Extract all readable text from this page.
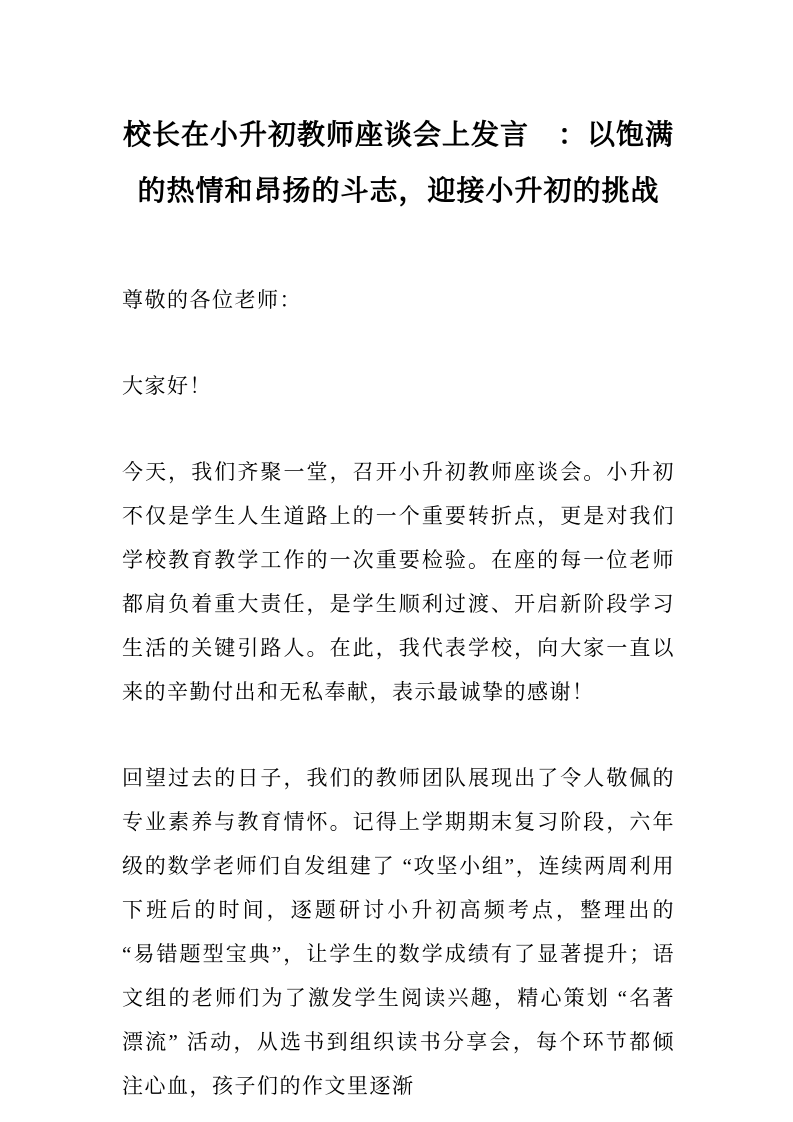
校长在小升初教师座谈会上发言　：以饱满的热情和昂扬的斗志，迎接小升初的挑战

尊敬的各位老师：

大家好！

今天，我们齐聚一堂，召开小升初教师座谈会。小升初不仅是学生人生道路上的一个重要转折点，更是对我们学校教育教学工作的一次重要检验。在座的每一位老师都肩负着重大责任，是学生顺利过渡、开启新阶段学习生活的关键引路人。在此，我代表学校，向大家一直以来的辛勤付出和无私奉献，表示最诚挚的感谢！

回望过去的日子，我们的教师团队展现出了令人敬佩的专业素养与教育情怀。记得上学期期末复习阶段，六年级的数学老师们自发组建了 “攻坚小组”，连续两周利用下班后的时间，逐题研讨小升初高频考点，整理出的 “易错题型宝典”，让学生的数学成绩有了显著提升；语文组的老师们为了激发学生阅读兴趣，精心策划 “名著漂流” 活动，从选书到组织读书分享会，每个环节都倾注心血，孩子们的作文里逐渐
